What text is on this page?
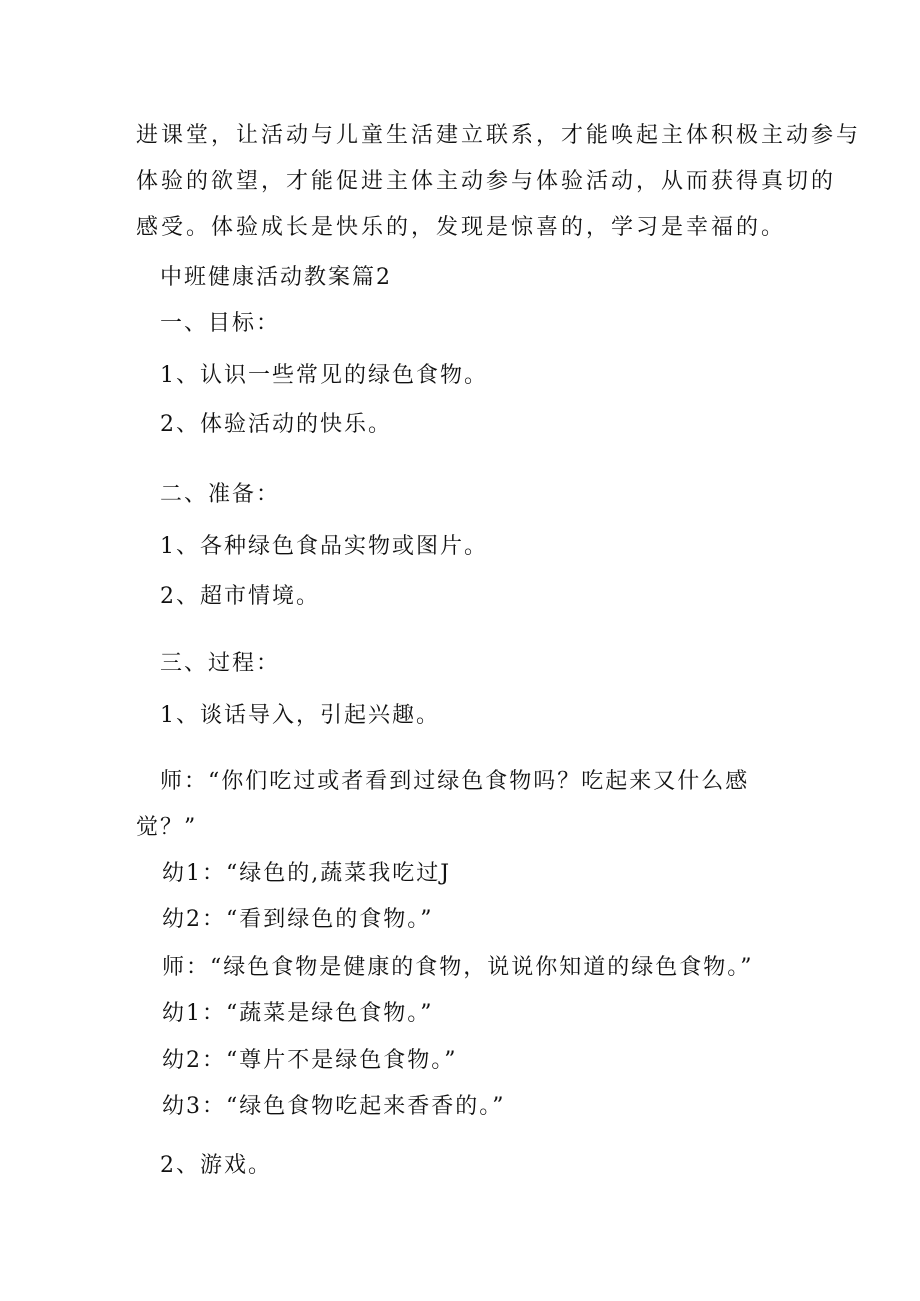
进课堂，让活动与儿童生活建立联系，才能唤起主体积极主动参与

体验的欲望，才能促进主体主动参与体验活动，从而获得真切的

感受。体验成长是快乐的，发现是惊喜的，学习是幸福的。

中班健康活动教案篇2

一、目标：

1、认识一些常见的绿色食物。

2、体验活动的快乐。

二、准备：

1、各种绿色食品实物或图片。

2、超市情境。

三、过程：

1、谈话导入，引起兴趣。

师：“你们吃过或者看到过绿色食物吗？吃起来又什么感

觉？”

幼1：“绿色的,蔬菜我吃过J

幼2：“看到绿色的食物。”

师：“绿色食物是健康的食物，说说你知道的绿色食物。”

幼1：“蔬菜是绿色食物。”

幼2：“尊片不是绿色食物。”

幼3：“绿色食物吃起来香香的。”

2、游戏。
